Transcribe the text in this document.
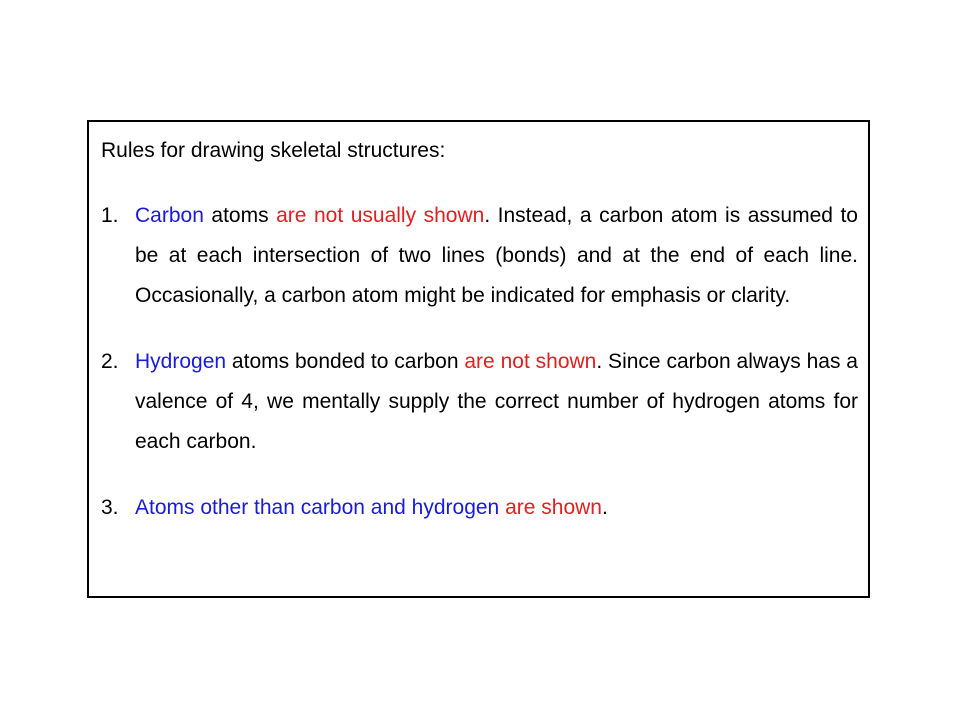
Rules for drawing skeletal structures:

1. Carbon atoms are not usually shown. Instead, a carbon atom is assumed to be at each intersection of two lines (bonds) and at the end of each line. Occasionally, a carbon atom might be indicated for emphasis or clarity.
2. Hydrogen atoms bonded to carbon are not shown. Since carbon always has a valence of 4, we mentally supply the correct number of hydrogen atoms for each carbon.
3. Atoms other than carbon and hydrogen are shown.
